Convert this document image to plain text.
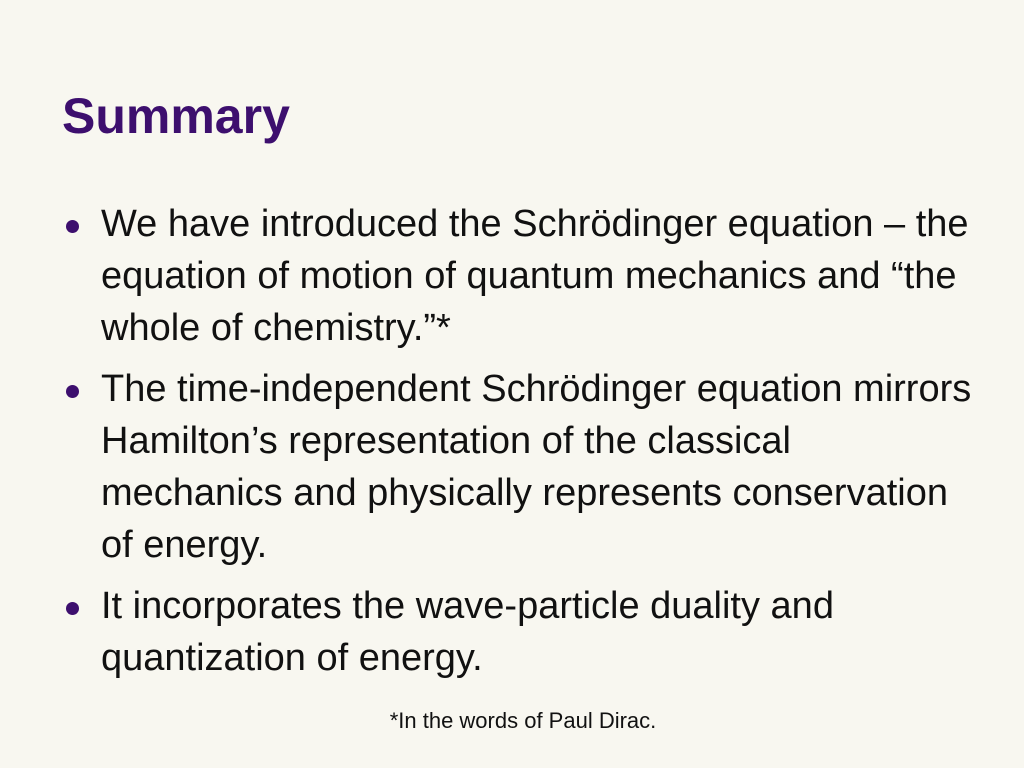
Summary
We have introduced the Schrödinger equation – the equation of motion of quantum mechanics and “the whole of chemistry.”*
The time-independent Schrödinger equation mirrors Hamilton’s representation of the classical mechanics and physically represents conservation of energy.
It incorporates the wave-particle duality and quantization of energy.

*In the words of Paul Dirac.
